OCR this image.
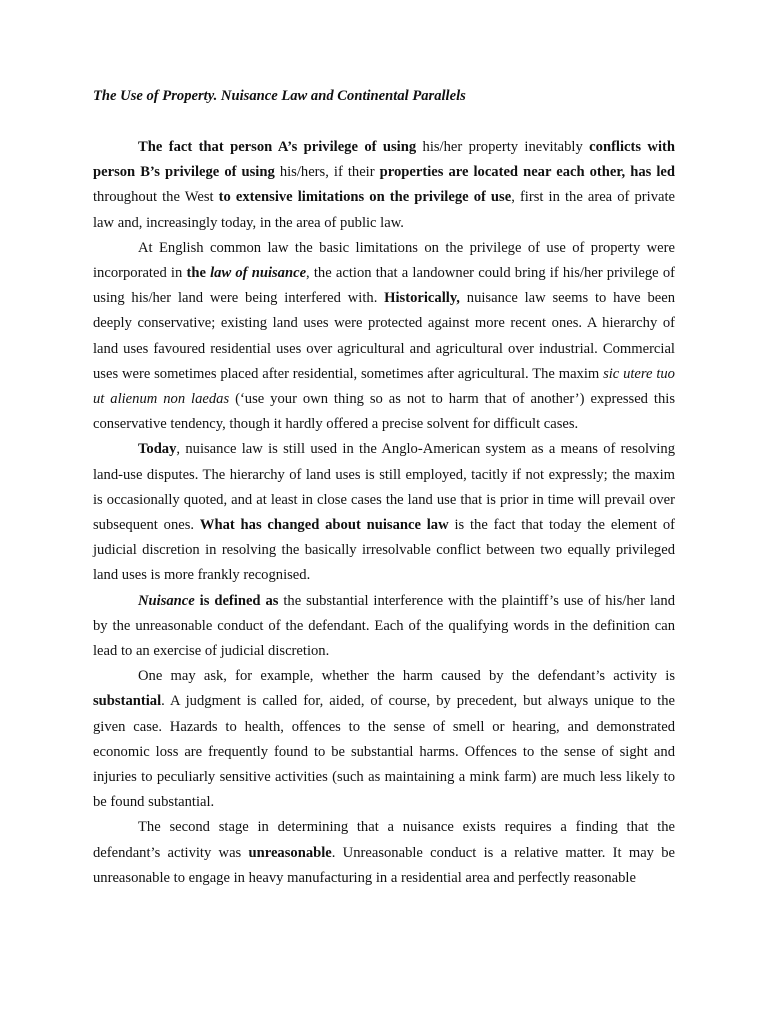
The Use of Property. Nuisance Law and Continental Parallels

The fact that person A’s privilege of using his/her property inevitably conflicts with person B’s privilege of using his/hers, if their properties are located near each other, has led throughout the West to extensive limitations on the privilege of use, first in the area of private law and, increasingly today, in the area of public law.

At English common law the basic limitations on the privilege of use of property were incorporated in the law of nuisance, the action that a landowner could bring if his/her privilege of using his/her land were being interfered with. Historically, nuisance law seems to have been deeply conservative; existing land uses were protected against more recent ones. A hierarchy of land uses favoured residential uses over agricultural and agricultural over industrial. Commercial uses were sometimes placed after residential, sometimes after agricultural. The maxim sic utere tuo ut alienum non laedas (‘use your own thing so as not to harm that of another’) expressed this conservative tendency, though it hardly offered a precise solvent for difficult cases.

Today, nuisance law is still used in the Anglo-American system as a means of resolving land-use disputes. The hierarchy of land uses is still employed, tacitly if not expressly; the maxim is occasionally quoted, and at least in close cases the land use that is prior in time will prevail over subsequent ones. What has changed about nuisance law is the fact that today the element of judicial discretion in resolving the basically irresolvable conflict between two equally privileged land uses is more frankly recognised.

Nuisance is defined as the substantial interference with the plaintiff’s use of his/her land by the unreasonable conduct of the defendant. Each of the qualifying words in the definition can lead to an exercise of judicial discretion.

One may ask, for example, whether the harm caused by the defendant’s activity is substantial. A judgment is called for, aided, of course, by precedent, but always unique to the given case. Hazards to health, offences to the sense of smell or hearing, and demonstrated economic loss are frequently found to be substantial harms. Offences to the sense of sight and injuries to peculiarly sensitive activities (such as maintaining a mink farm) are much less likely to be found substantial.

The second stage in determining that a nuisance exists requires a finding that the defendant’s activity was unreasonable. Unreasonable conduct is a relative matter. It may be unreasonable to engage in heavy manufacturing in a residential area and perfectly reasonable
